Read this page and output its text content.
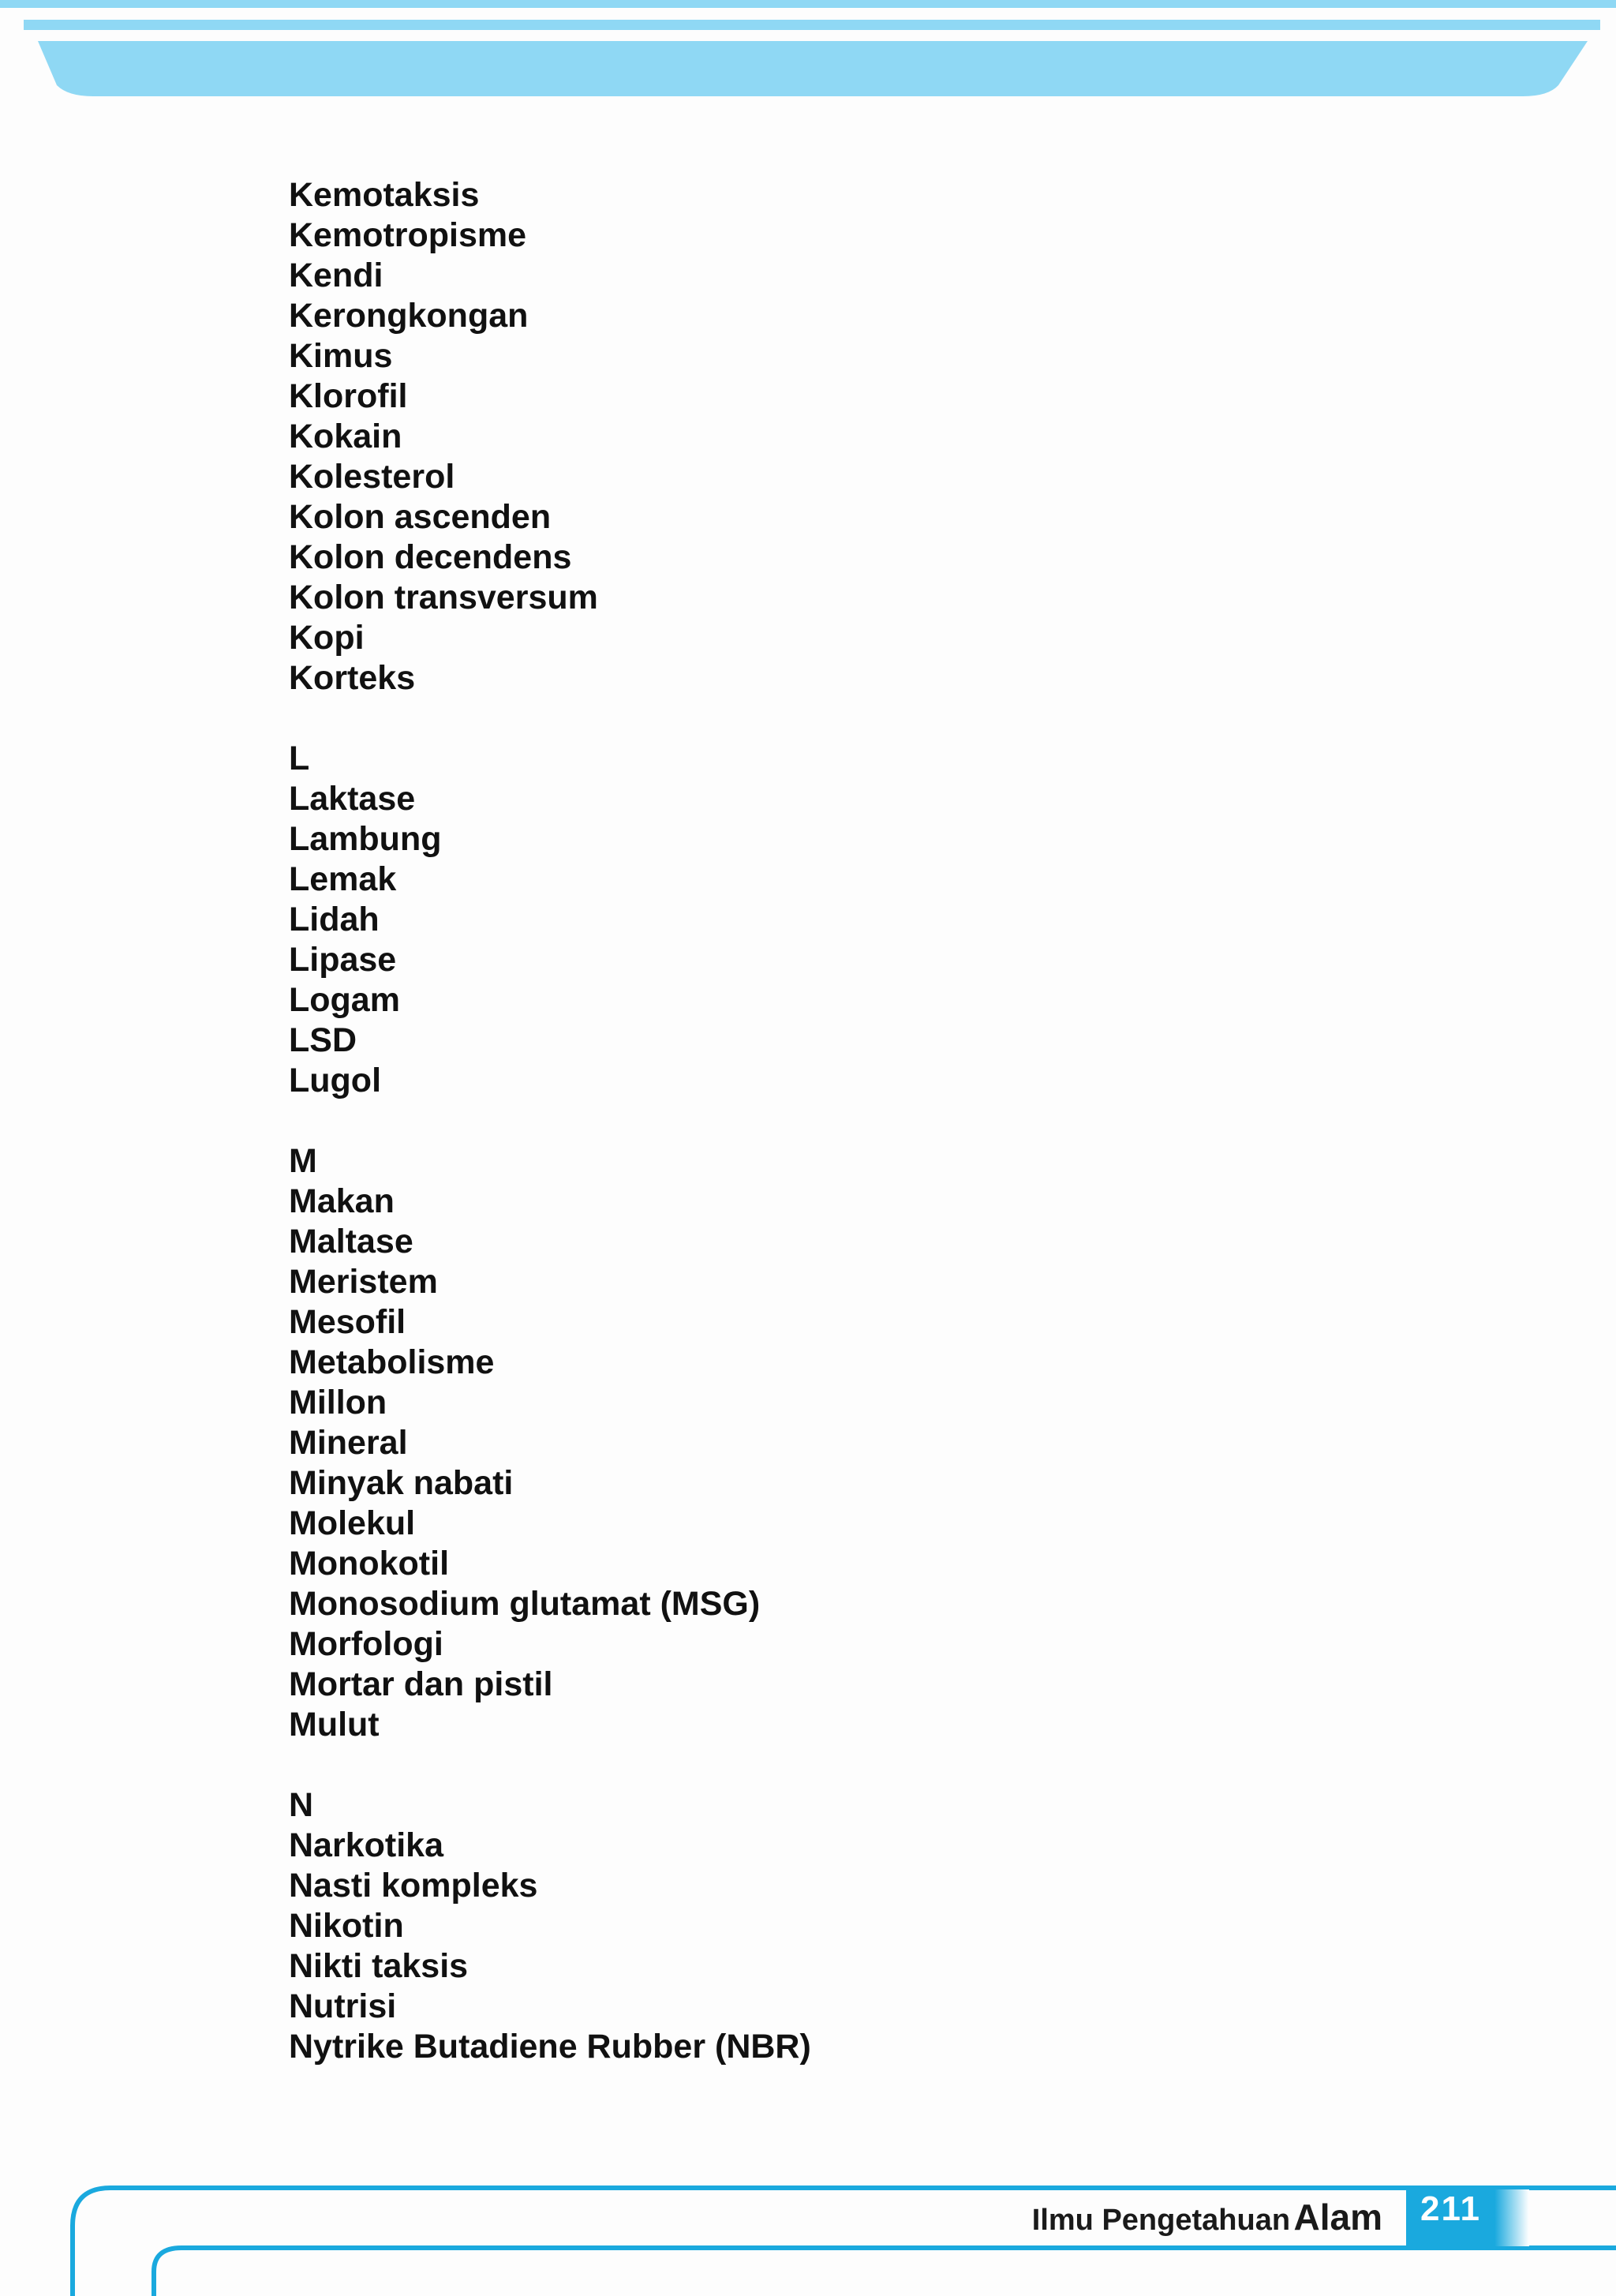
Kemotaksis
Kemotropisme
Kendi
Kerongkongan
Kimus
Klorofil
Kokain
Kolesterol
Kolon ascenden
Kolon decendens
Kolon transversum
Kopi
Korteks
L
Laktase
Lambung
Lemak
Lidah
Lipase
Logam
LSD
Lugol
M
Makan
Maltase
Meristem
Mesofil
Metabolisme
Millon
Mineral
Minyak nabati
Molekul
Monokotil
Monosodium glutamat (MSG)
Morfologi
Mortar dan pistil
Mulut
N
Narkotika
Nasti kompleks
Nikotin
Nikti taksis
Nutrisi
Nytrike Butadiene Rubber (NBR)
Ilmu Pengetahuan Alam 211
